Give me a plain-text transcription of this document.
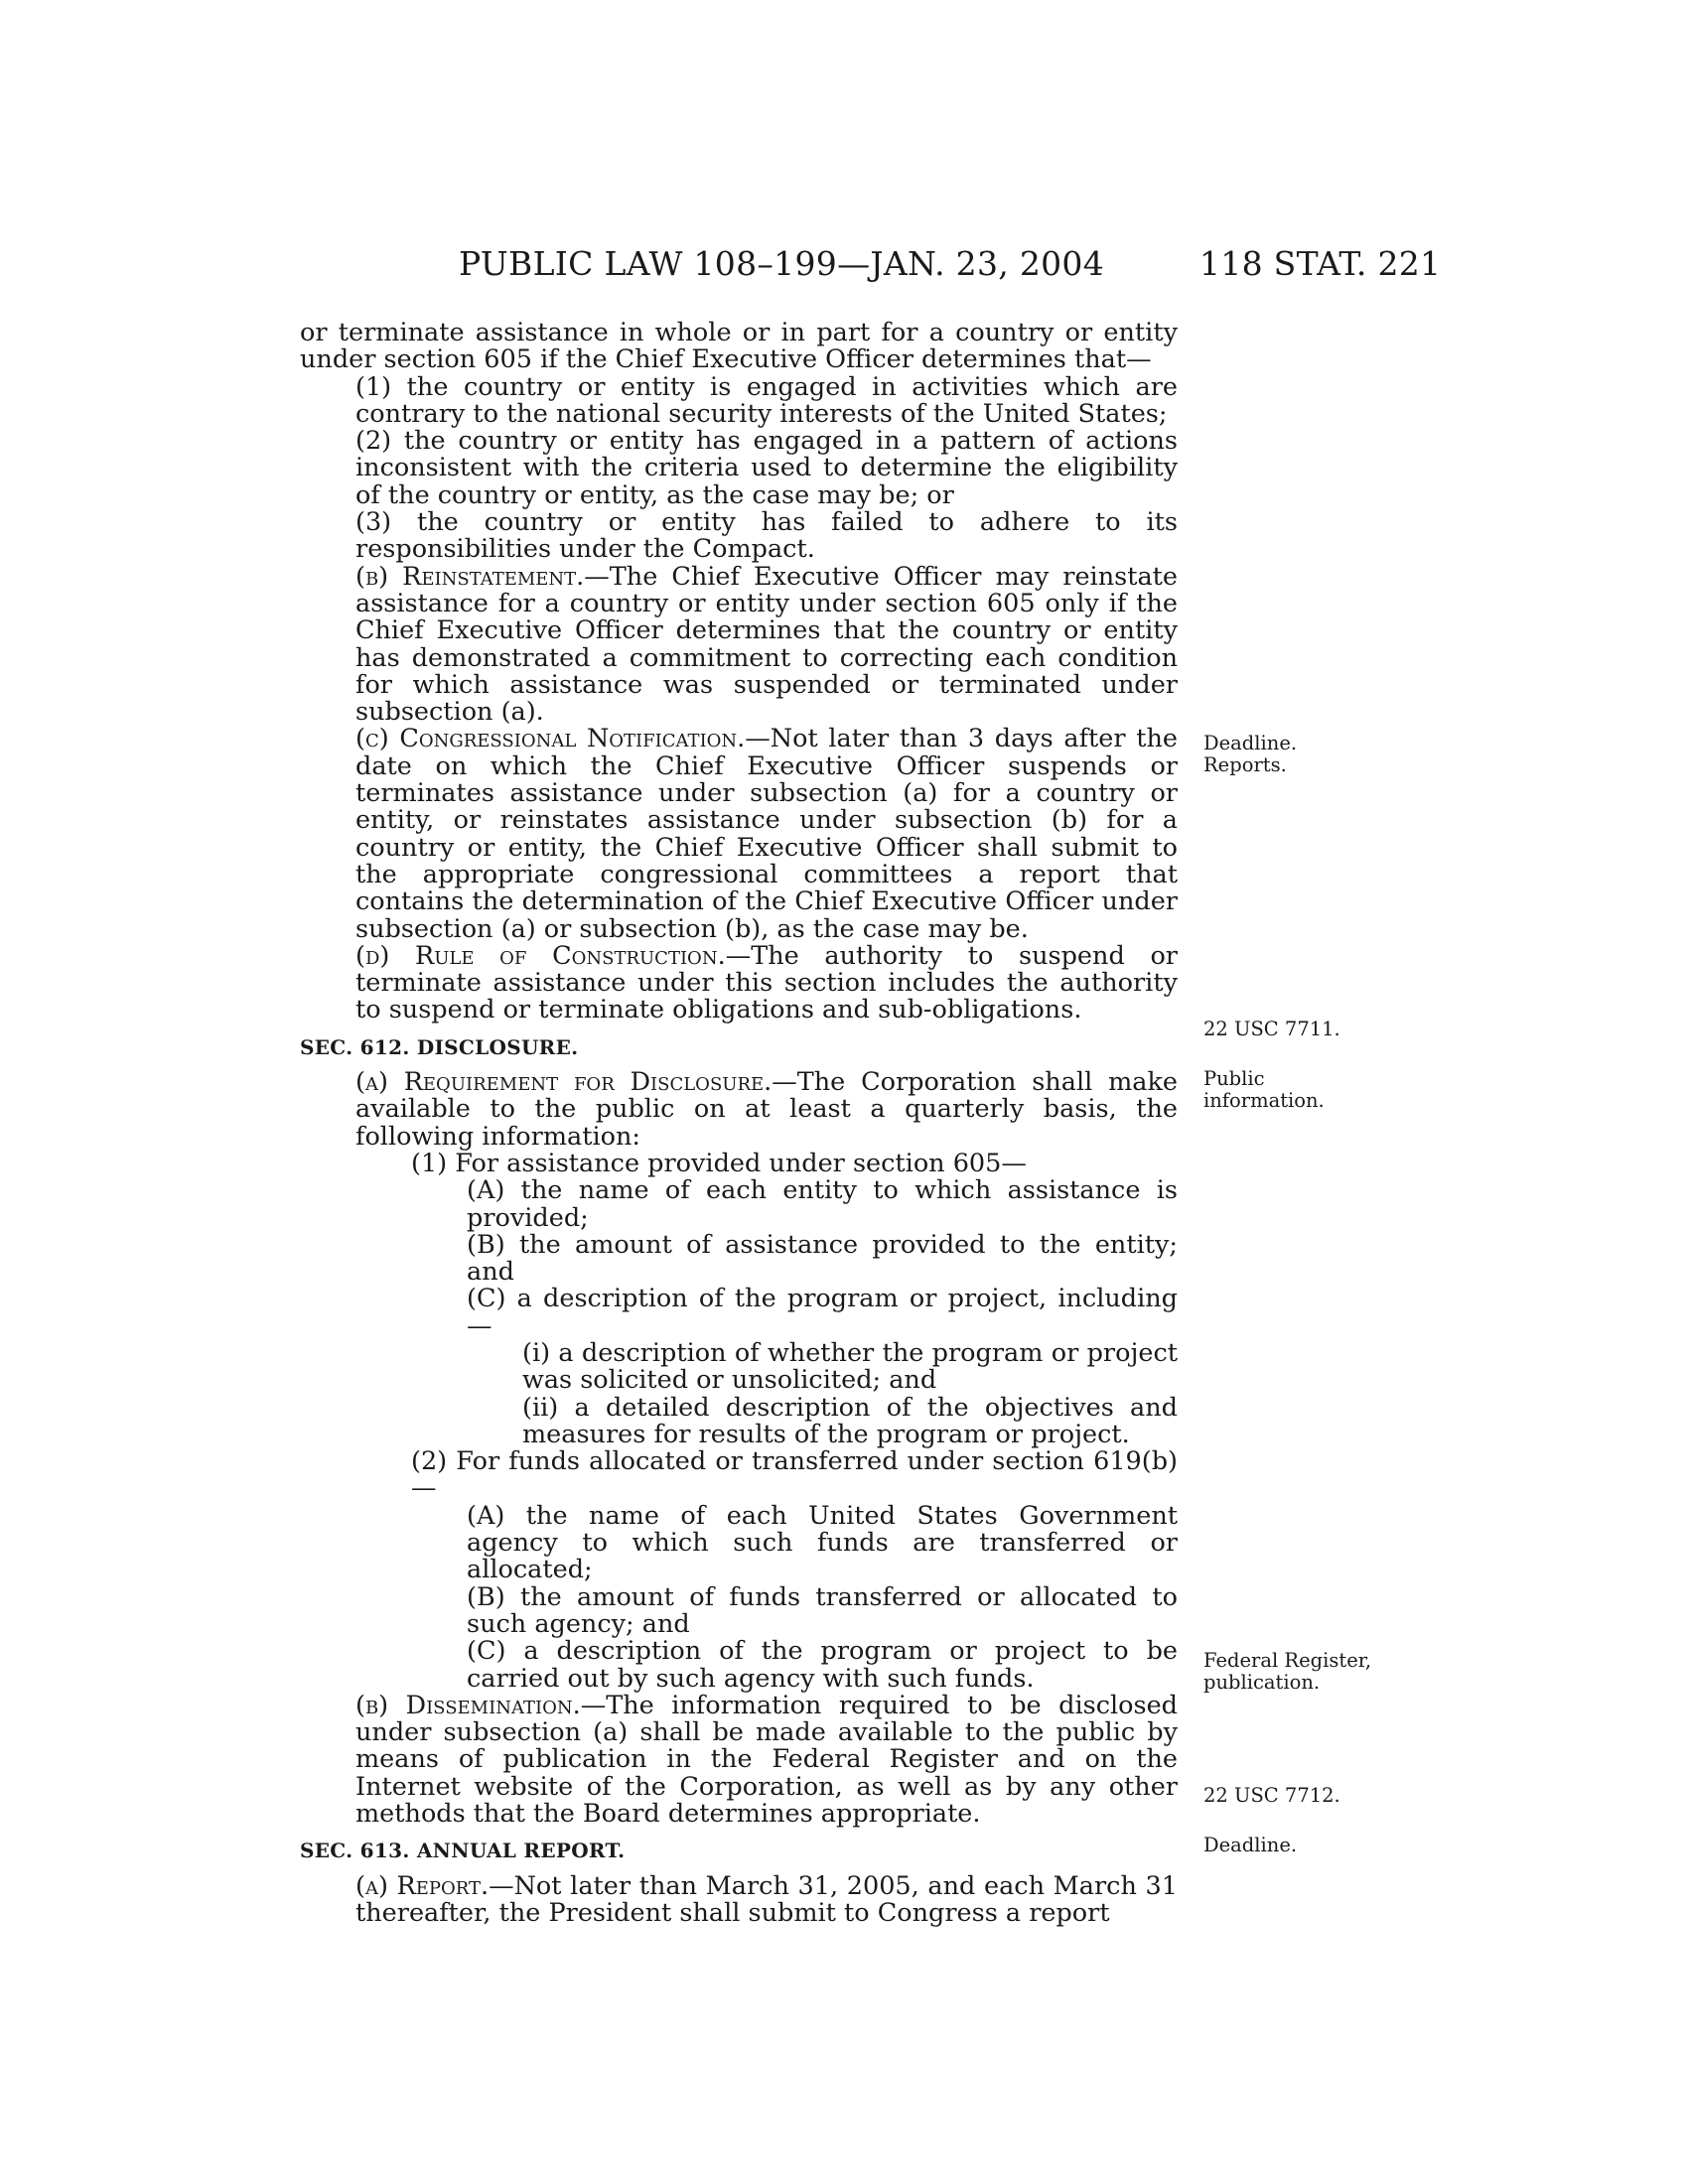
PUBLIC LAW 108–199—JAN. 23, 2004	118 STAT. 221

or terminate assistance in whole or in part for a country or entity under section 605 if the Chief Executive Officer determines that—

(1) the country or entity is engaged in activities which are contrary to the national security interests of the United States;

(2) the country or entity has engaged in a pattern of actions inconsistent with the criteria used to determine the eligibility of the country or entity, as the case may be; or

(3) the country or entity has failed to adhere to its responsibilities under the Compact.

(b) Reinstatement.—The Chief Executive Officer may reinstate assistance for a country or entity under section 605 only if the Chief Executive Officer determines that the country or entity has demonstrated a commitment to correcting each condition for which assistance was suspended or terminated under subsection (a).

(c) Congressional Notification.—Not later than 3 days after the date on which the Chief Executive Officer suspends or terminates assistance under subsection (a) for a country or entity, or reinstates assistance under subsection (b) for a country or entity, the Chief Executive Officer shall submit to the appropriate congressional committees a report that contains the determination of the Chief Executive Officer under subsection (a) or subsection (b), as the case may be.

(d) Rule of Construction.—The authority to suspend or terminate assistance under this section includes the authority to suspend or terminate obligations and sub-obligations.

SEC. 612. DISCLOSURE.

(a) Requirement for Disclosure.—The Corporation shall make available to the public on at least a quarterly basis, the following information:

(1) For assistance provided under section 605—

(A) the name of each entity to which assistance is provided;

(B) the amount of assistance provided to the entity; and

(C) a description of the program or project, including—

(i) a description of whether the program or project was solicited or unsolicited; and

(ii) a detailed description of the objectives and measures for results of the program or project.

(2) For funds allocated or transferred under section 619(b)—

(A) the name of each United States Government agency to which such funds are transferred or allocated;

(B) the amount of funds transferred or allocated to such agency; and

(C) a description of the program or project to be carried out by such agency with such funds.

(b) Dissemination.—The information required to be disclosed under subsection (a) shall be made available to the public by means of publication in the Federal Register and on the Internet website of the Corporation, as well as by any other methods that the Board determines appropriate.

SEC. 613. ANNUAL REPORT.

(a) Report.—Not later than March 31, 2005, and each March 31 thereafter, the President shall submit to Congress a report

Deadline.
Reports.
22 USC 7711.
Public
information.
Federal Register,
publication.
22 USC 7712.
Deadline.
